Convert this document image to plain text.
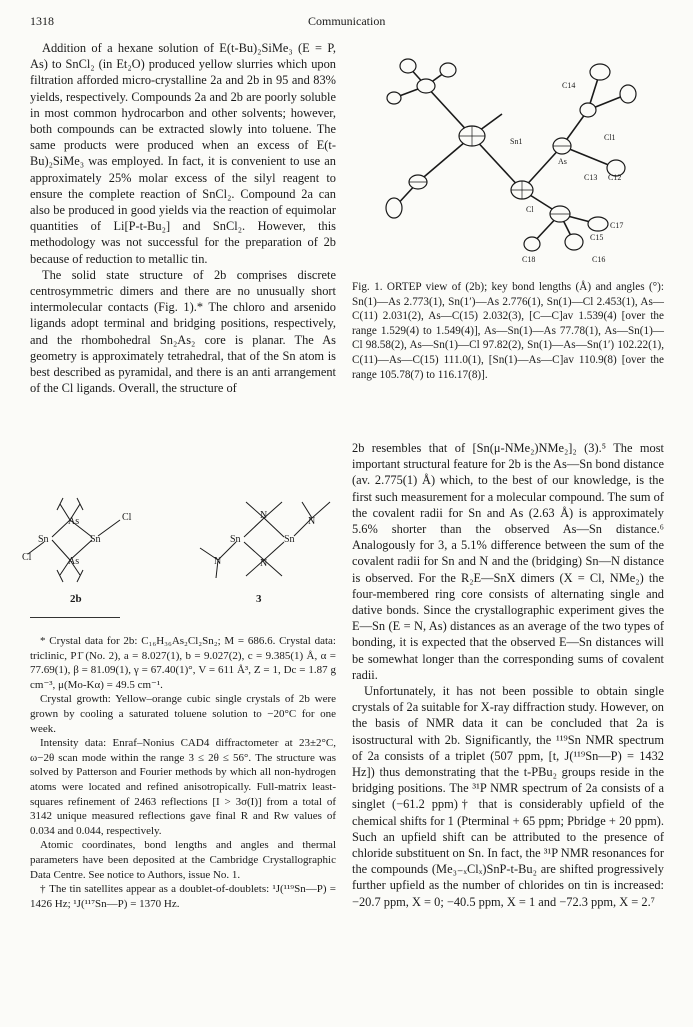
1318	Communication

Addition of a hexane solution of E(t-Bu)₂SiMe₃ (E = P, As) to SnCl₂ (in Et₂O) produced yellow slurries which upon filtration afforded micro-crystalline 2a and 2b in 95 and 83% yields, respectively. Compounds 2a and 2b are poorly soluble in most common hydrocarbon and other solvents; however, both compounds can be extracted slowly into toluene. The same products were produced when an excess of E(t-Bu)₂SiMe₃ was employed. In fact, it is convenient to use an approximately 25% molar excess of the silyl reagent to ensure the complete reaction of SnCl₂. Compound 2a can also be produced in good yields via the reaction of equimolar quantities of Li[P-t-Bu₂] and SnCl₂. However, this methodology was not successful for the preparation of 2b because of reduction to metallic tin.

The solid state structure of 2b comprises discrete centrosymmetric dimers and there are no unusually short intermolecular contacts (Fig. 1).* The chloro and arsenido ligands adopt terminal and bridging positions, respectively, and the rhombohedral Sn₂As₂ core is planar. The As geometry is approximately tetrahedral, that of the Sn atom is best described as pyramidal, and there is an anti arrangement of the Cl ligands. Overall, the structure of

As
As
Sn	Sn
Cl
Cl
N
N
Sn	Sn
N
N
2b	3

* Crystal data for 2b: C₁₆H₃₆As₂Cl₂Sn₂; M = 686.6. Crystal data: triclinic, P1̄ (No. 2), a = 8.027(1), b = 9.027(2), c = 9.385(1) Å, α = 77.69(1), β = 81.09(1), γ = 67.40(1)°, V = 611 Å³, Z = 1, Dc = 1.87 g cm⁻³, μ(Mo-Kα) = 49.5 cm⁻¹.

Crystal growth: Yellow–orange cubic single crystals of 2b were grown by cooling a saturated toluene solution to −20°C for one week.

Intensity data: Enraf–Nonius CAD4 diffractometer at 23±2°C, ω−2θ scan mode within the range 3 ≤ 2θ ≤ 56°. The structure was solved by Patterson and Fourier methods by which all non-hydrogen atoms were located and refined anisotropically. Full-matrix least-squares refinement of 2463 reflections [I > 3σ(I)] from a total of 3142 unique measured reflections gave final R and Rw values of 0.034 and 0.044, respectively.

Atomic coordinates, bond lengths and angles and thermal parameters have been deposited at the Cambridge Crystallographic Data Centre. See notice to Authors, issue No. 1.

† The tin satellites appear as a doublet-of-doublets: ¹J(¹¹⁹Sn—P) = 1426 Hz; ¹J(¹¹⁷Sn—P) = 1370 Hz.

C14
Sn1	Cl1
As
C13 C12
Cl
C17
C15
C18	C16
Fig. 1. ORTEP view of (2b); key bond lengths (Å) and angles (°): Sn(1)—As 2.773(1), Sn(1′)—As 2.776(1), Sn(1)—Cl 2.453(1), As—C(11) 2.031(2), As—C(15) 2.032(3), [C—C]av 1.539(4) [over the range 1.529(4) to 1.549(4)], As—Sn(1)—As 77.78(1), As—Sn(1)—Cl 98.58(2), As—Sn(1)—Cl 97.82(2), Sn(1)—As—Sn(1′) 102.22(1), C(11)—As—C(15) 111.0(1), [Sn(1)—As—C]av 110.9(8) [over the range 105.78(7) to 116.17(8)].

2b resembles that of [Sn(μ-NMe₂)NMe₂]₂ (3).⁵ The most important structural feature for 2b is the As—Sn bond distance (av. 2.775(1) Å) which, to the best of our knowledge, is the first such measurement for a molecular compound. The sum of the covalent radii for Sn and As (2.63 Å) is approximately 5.6% shorter than the observed As—Sn distance.⁶ Analogously for 3, a 5.1% difference between the sum of the covalent radii for Sn and N and the (bridging) Sn—N distance is observed. For the R₂E—SnX dimers (X = Cl, NMe₂) the four-membered ring core consists of alternating single and dative bonds. Since the crystallographic experiment gives the E—Sn (E = N, As) distances as an average of the two types of bonding, it is expected that the observed E—Sn distances will be somewhat longer than the corresponding sums of covalent radii.

Unfortunately, it has not been possible to obtain single crystals of 2a suitable for X-ray diffraction study. However, on the basis of NMR data it can be concluded that 2a is isostructural with 2b. Significantly, the ¹¹⁹Sn NMR spectrum of 2a consists of a triplet (507 ppm, [t, J(¹¹⁹Sn—P) = 1432 Hz]) thus demonstrating that the t-PBu₂ groups reside in the bridging positions. The ³¹P NMR spectrum of 2a consists of a singlet (−61.2 ppm)† that is considerably upfield of the chemical shifts for 1 (Pterminal + 65 ppm; Pbridge + 20 ppm). Such an upfield shift can be attributed to the presence of chloride substituent on Sn. In fact, the ³¹P NMR resonances for the compounds (Me₃₋ₓClₓ)SnP-t-Bu₂ are shifted progressively further upfield as the number of chlorides on tin is increased: −20.7 ppm, X = 0; −40.5 ppm, X = 1 and −72.3 ppm, X = 2.⁷
